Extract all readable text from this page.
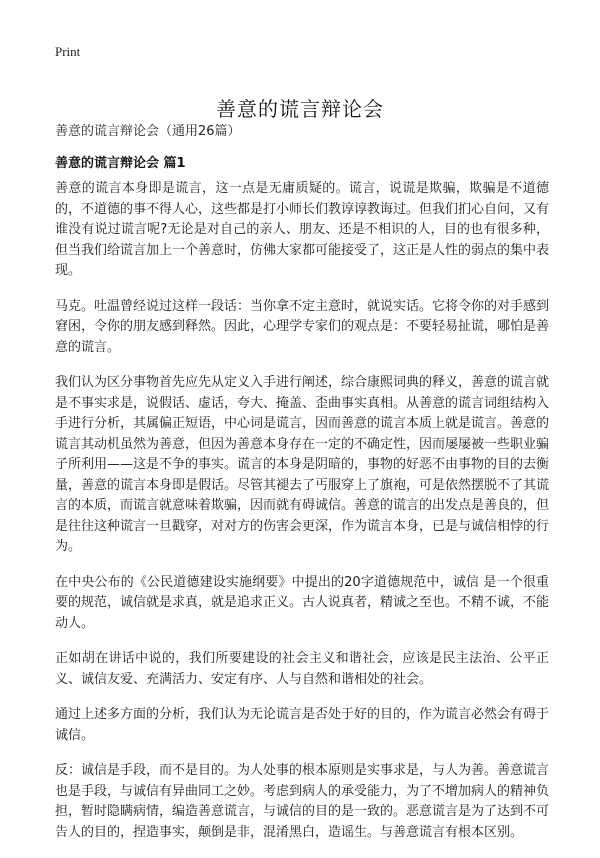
Print
善意的谎言辩论会
善意的谎言辩论会（通用26篇）
善意的谎言辩论会 篇1

善意的谎言本身即是谎言，这一点是无庸质疑的。谎言，说谎是欺骗，欺骗是不道德的，不道德的事不得人心，这些都是打小师长们教谆谆教诲过。但我们扪心自问，又有谁没有说过谎言呢?无论是对自己的亲人、朋友、还是不相识的人，目的也有很多种，但当我们给谎言加上一个善意时，仿佛大家都可能接受了，这正是人性的弱点的集中表现。

马克。吐温曾经说过这样一段话：当你拿不定主意时，就说实话。它将令你的对手感到窘困，令你的朋友感到释然。因此，心理学专家们的观点是：不要轻易扯谎，哪怕是善意的谎言。

我们认为区分事物首先应先从定义入手进行阐述，综合康熙词典的释义，善意的谎言就是不事实求是，说假话、虚话，夸大、掩盖、歪曲事实真相。从善意的谎言词组结构入手进行分析，其属偏正短语，中心词是谎言，因而善意的谎言本质上就是谎言。善意的谎言其动机虽然为善意，但因为善意本身存在一定的不确定性，因而屡屡被一些职业骗子所利用——这是不争的事实。谎言的本身是阴暗的，事物的好恶不由事物的目的去衡量，善意的谎言本身即是假话。尽管其褪去了丐服穿上了旗袍，可是依然摆脱不了其谎言的本质，而谎言就意味着欺骗，因而就有碍诚信。善意的谎言的出发点是善良的，但是往往这种谎言一旦戳穿，对对方的伤害会更深，作为谎言本身，已是与诚信相悖的行为。

在中央公布的《公民道德建设实施纲要》中提出的20字道德规范中，诚信 是一个很重要的规范，诚信就是求真，就是追求正义。古人说真者，精诚之至也。不精不诚，不能动人。

正如胡在讲话中说的，我们所要建设的社会主义和谐社会，应该是民主法治、公平正义、诚信友爱、充满活力、安定有序、人与自然和谐相处的社会。

通过上述多方面的分析，我们认为无论谎言是否处于好的目的，作为谎言必然会有碍于诚信。

反：诚信是手段，而不是目的。为人处事的根本原则是实事求是，与人为善。善意谎言也是手段，与诚信有异曲同工之妙。考虑到病人的承受能力，为了不增加病人的精神负担，暂时隐瞒病情，编造善意谎言，与诚信的目的是一致的。恶意谎言是为了达到不可告人的目的，捏造事实，颠倒是非，混淆黑白，造谣生。与善意谎言有根本区别。
